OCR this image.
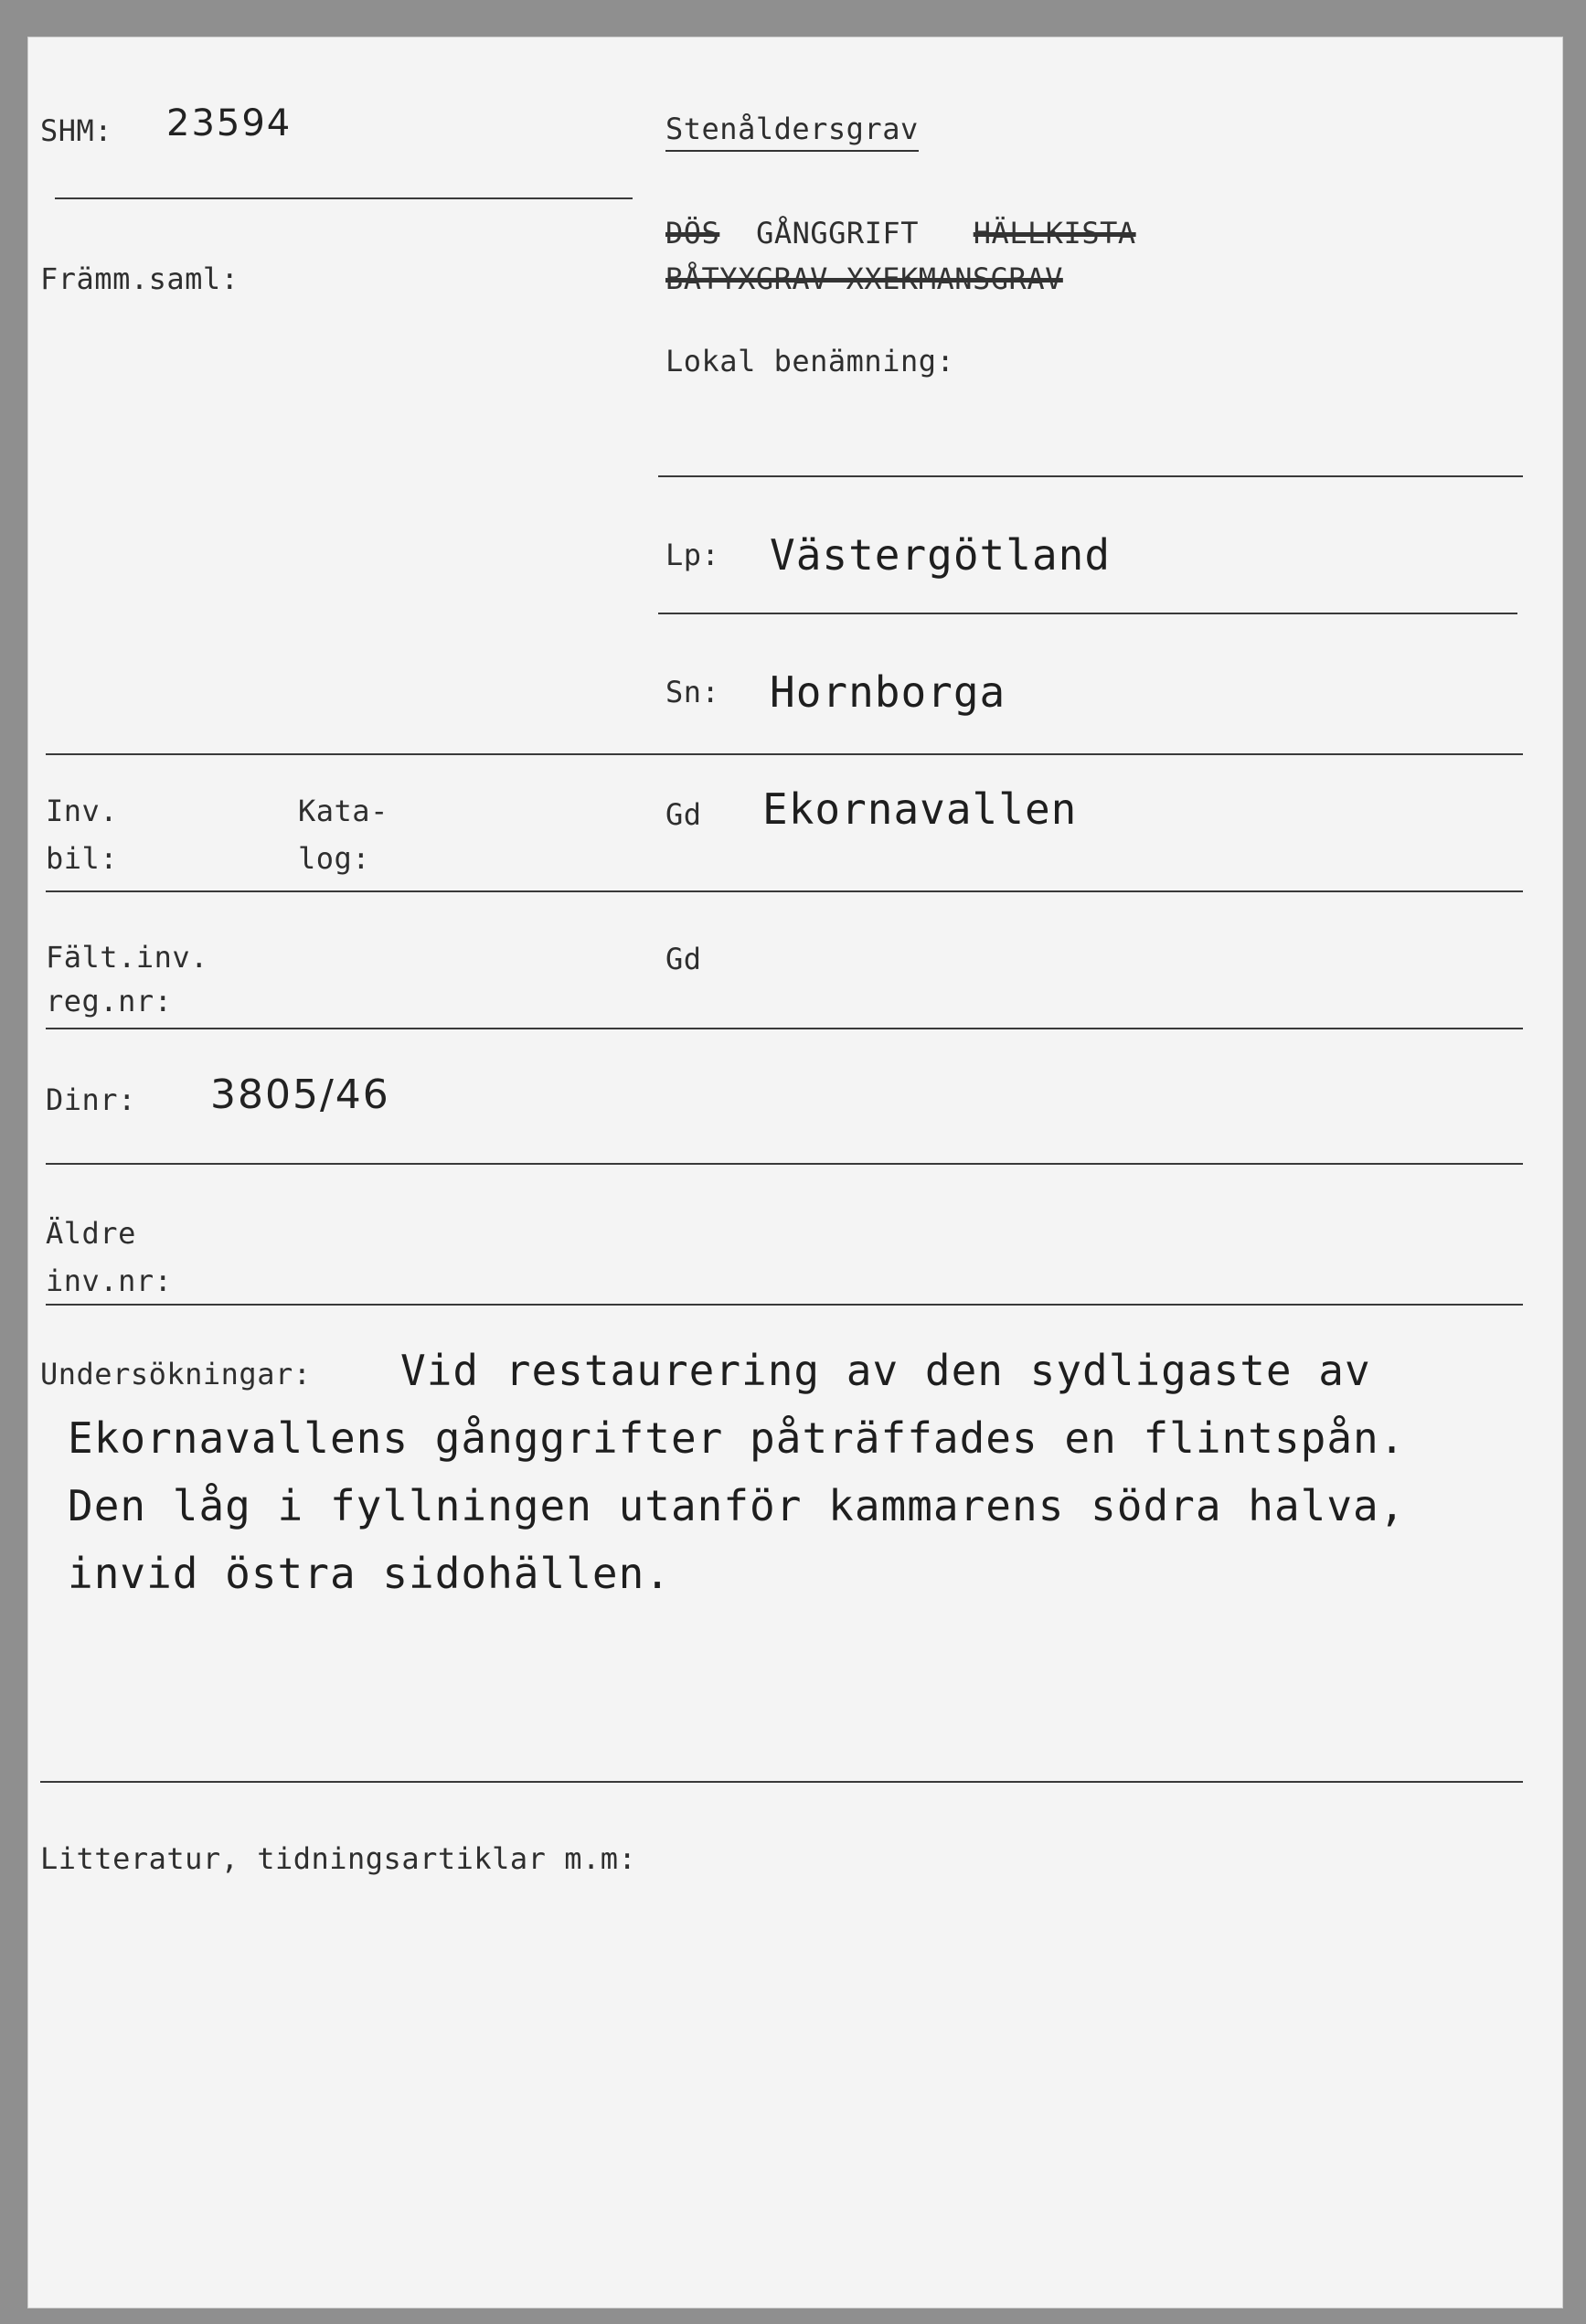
SHM: 23594	Stenåldersgrav
DÖS GÅNGGRIFT HÄLLKISTA
BÅTYXGRAV XXEKMANSGRAV
Främm.saml:
Lokal benämning:
Lp: Västergötland
Sn: Hornborga
Inv.
bil:
Kata-
log:
Gd Ekornavallen
Fält.inv.
reg.nr:
Gd
Dinr: 3805/46
Äldre
inv.nr:
Undersökningar: Vid restaurering av den sydligaste av
Ekornavallens gånggrifter påträffades en flintspån.
Den låg i fyllningen utanför kammarens södra halva,
invid östra sidohällen.
Litteratur, tidningsartiklar m.m:
